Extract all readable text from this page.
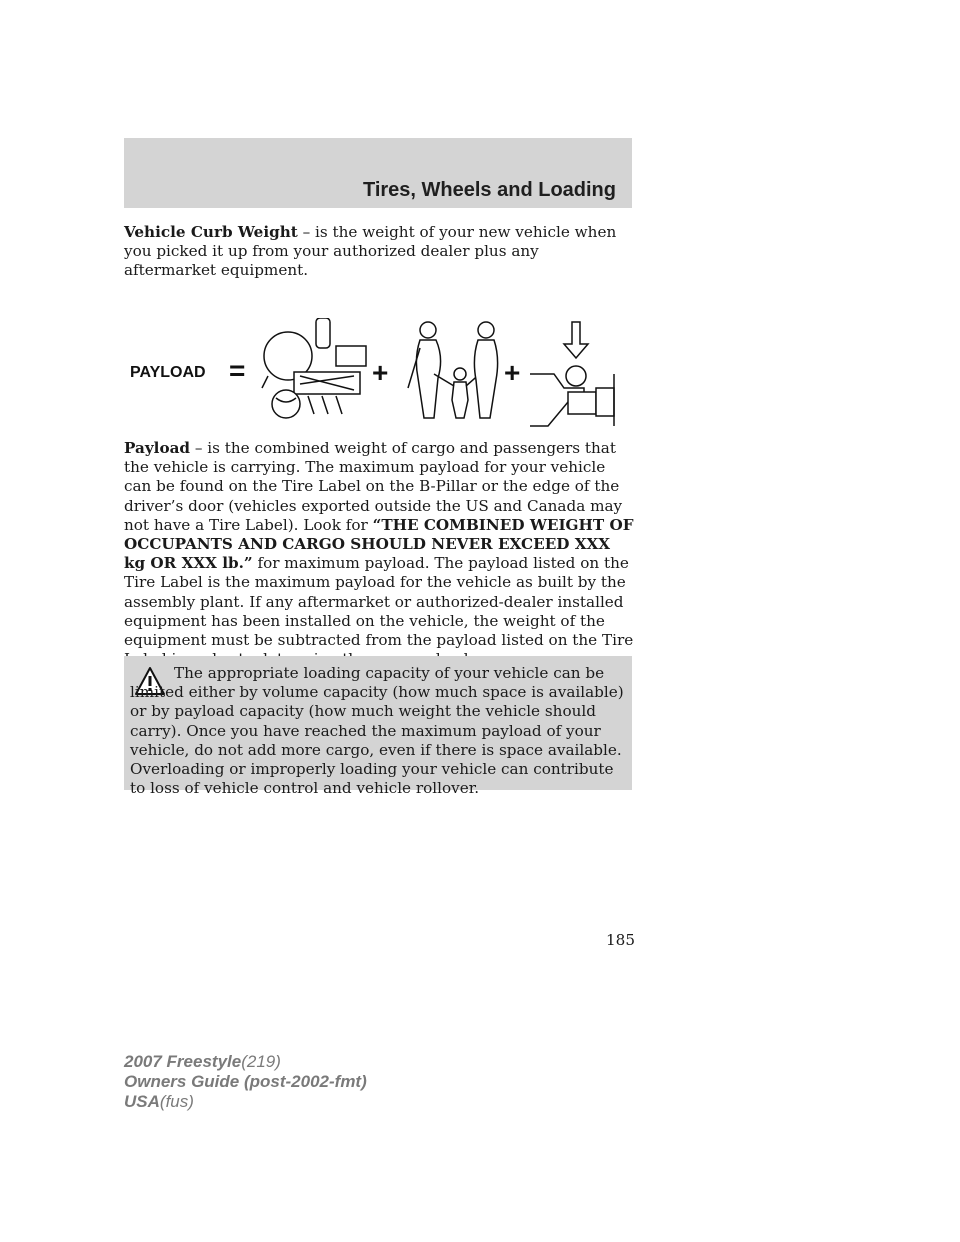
Tires, Wheels and Loading

Vehicle Curb Weight – is the weight of your new vehicle when you picked it up from your authorized dealer plus any aftermarket equipment.

PAYLOAD =	+	+

Payload – is the combined weight of cargo and passengers that the vehicle is carrying. The maximum payload for your vehicle can be found on the Tire Label on the B-Pillar or the edge of the driver’s door (vehicles exported outside the US and Canada may not have a Tire Label). Look for “THE COMBINED WEIGHT OF OCCUPANTS AND CARGO SHOULD NEVER EXCEED XXX kg OR XXX lb.” for maximum payload. The payload listed on the Tire Label is the maximum payload for the vehicle as built by the assembly plant. If any aftermarket or authorized-dealer installed equipment has been installed on the vehicle, the weight of the equipment must be subtracted from the payload listed on the Tire

The appropriate loading capacity of your vehicle can be limited either by volume capacity (how much space is available) or by payload capacity (how much weight the vehicle should carry). Once you have reached the maximum payload of your vehicle, do not add more cargo, even if there is space available. Overloading or improperly loading your vehicle can contribute to loss of vehicle control and vehicle rollover.

185
2007 Freestyle(219)
Owners Guide (post-2002-fmt)
USA(fus)
